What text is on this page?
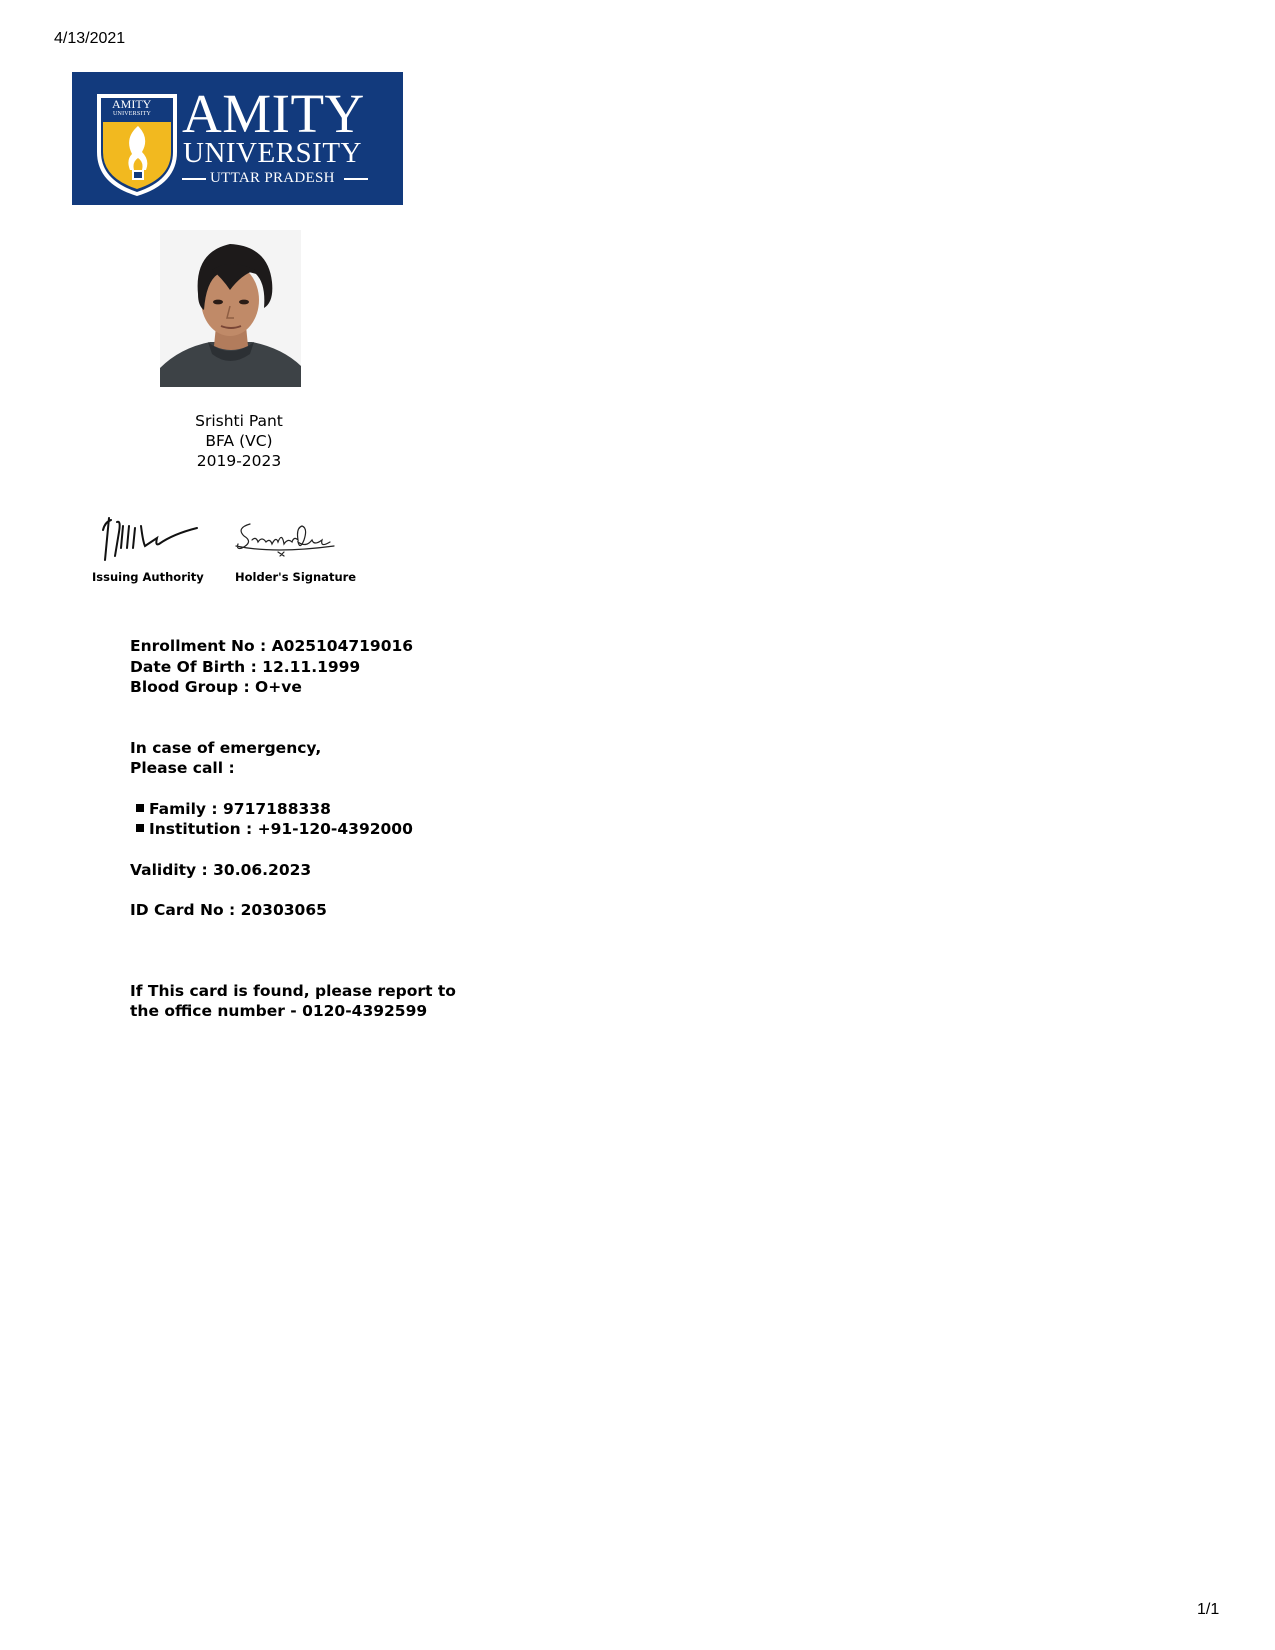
4/13/2021
AMITY
UNIVERSITY AMITY
UNIVERSITY
UTTAR PRADESH
Srishti Pant
BFA (VC)
2019-2023
Issuing Authority	Holder's Signature
Enrollment No : A025104719016
Date Of Birth : 12.11.1999
Blood Group : O+ve
In case of emergency,
Please call :
Family : 9717188338
Institution : +91-120-4392000
Validity : 30.06.2023
ID Card No : 20303065
If This card is found, please report to
the office number - 0120-4392599
1/1
